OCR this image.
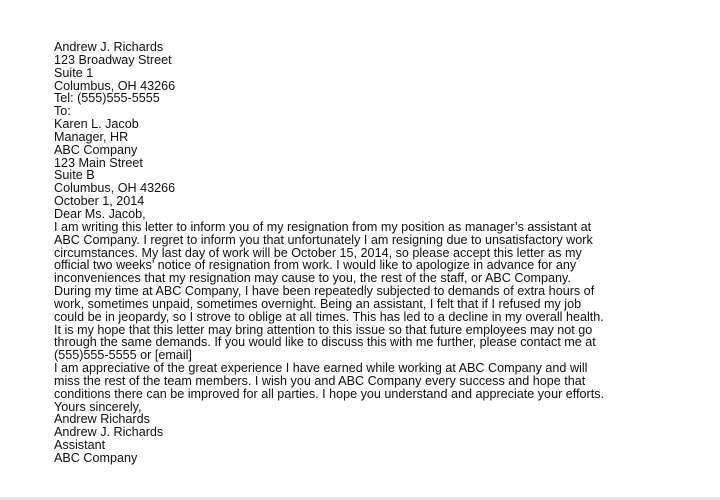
Andrew J. Richards
123 Broadway Street
Suite 1
Columbus, OH 43266
Tel: (555)555-5555
To:
Karen L. Jacob
Manager, HR
ABC Company
123 Main Street
Suite B
Columbus, OH 43266
October 1, 2014
Dear Ms. Jacob,
I am writing this letter to inform you of my resignation from my position as manager’s assistant at
ABC Company. I regret to inform you that unfortunately I am resigning due to unsatisfactory work
circumstances. My last day of work will be October 15, 2014, so please accept this letter as my
official two weeks’ notice of resignation from work. I would like to apologize in advance for any
inconveniences that my resignation may cause to you, the rest of the staff, or ABC Company.
During my time at ABC Company, I have been repeatedly subjected to demands of extra hours of
work, sometimes unpaid, sometimes overnight. Being an assistant, I felt that if I refused my job
could be in jeopardy, so I strove to oblige at all times. This has led to a decline in my overall health.
It is my hope that this letter may bring attention to this issue so that future employees may not go
through the same demands. If you would like to discuss this with me further, please contact me at
(555)555-5555 or [email]
I am appreciative of the great experience I have earned while working at ABC Company and will
miss the rest of the team members. I wish you and ABC Company every success and hope that
conditions there can be improved for all parties. I hope you understand and appreciate your efforts.
Yours sincerely,
Andrew Richards
Andrew J. Richards
Assistant
ABC Company
